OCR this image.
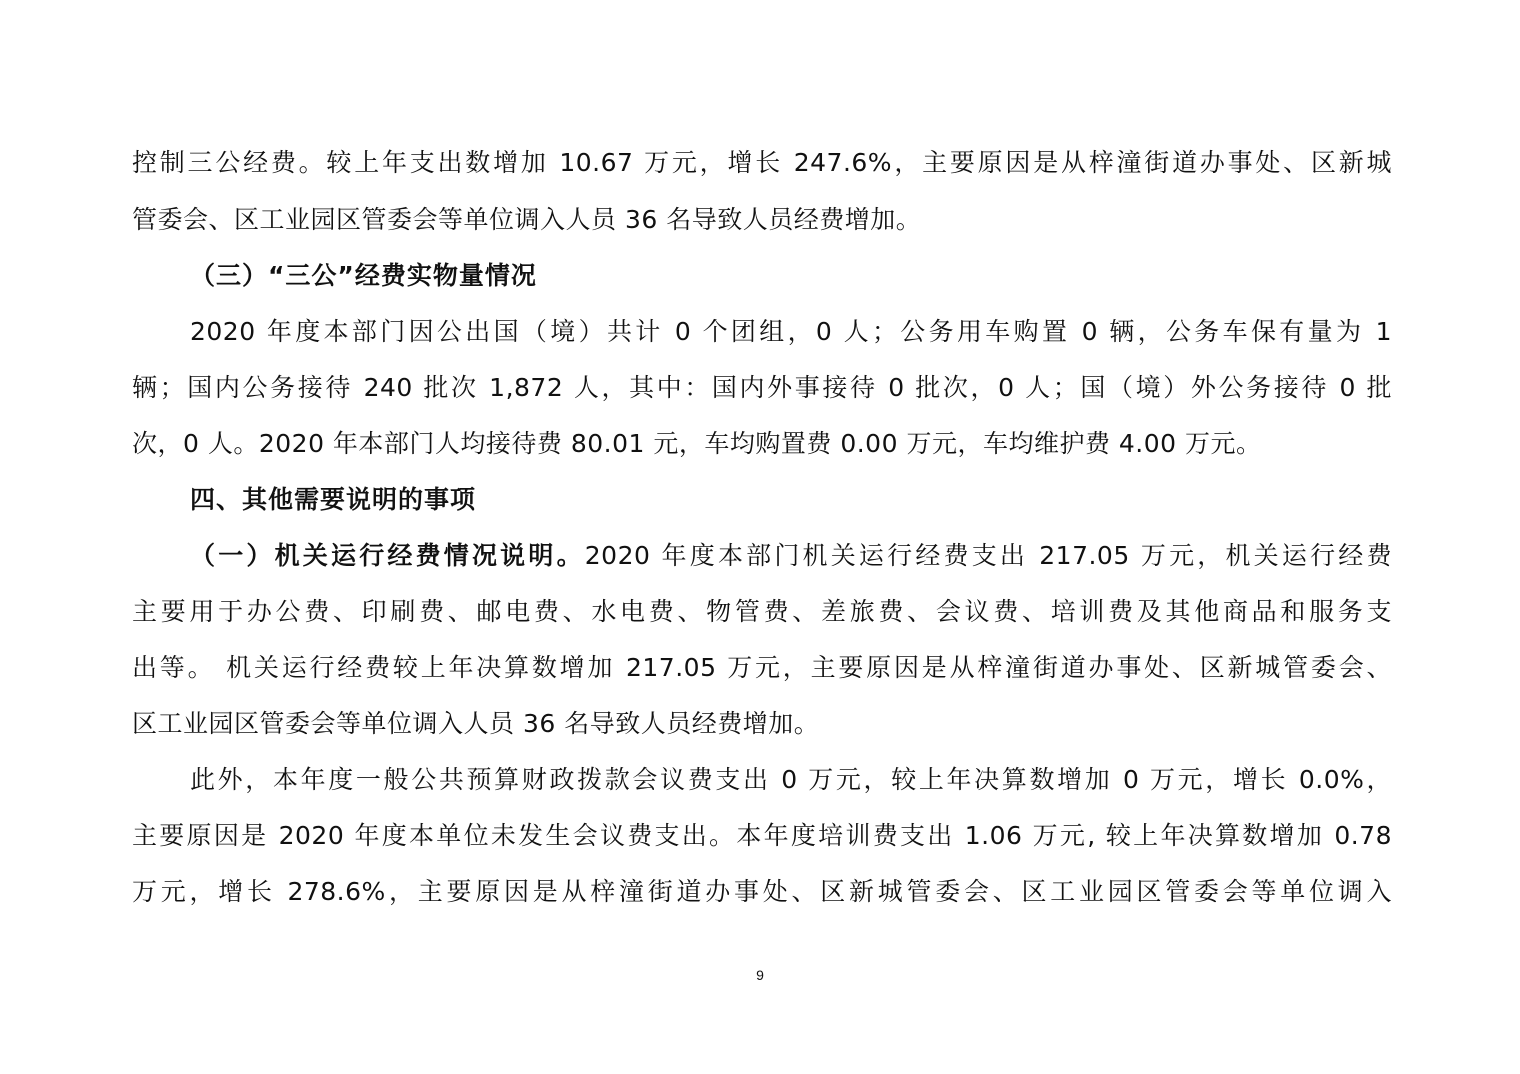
控制三公经费。较上年支出数增加 10.67 万元，增长 247.6%，主要原因是从梓潼街道办事处、区新城
管委会、区工业园区管委会等单位调入人员 36 名导致人员经费增加。
（三）“三公”经费实物量情况
2020 年度本部门因公出国（境）共计 0 个团组，0 人；公务用车购置 0 辆，公务车保有量为 1
辆；国内公务接待 240 批次 1,872 人，其中：国内外事接待 0 批次，0 人；国（境）外公务接待 0 批
次，0 人。2020 年本部门人均接待费 80.01 元，车均购置费 0.00 万元，车均维护费 4.00 万元。
四、其他需要说明的事项
（一）机关运行经费情况说明。2020 年度本部门机关运行经费支出 217.05 万元，机关运行经费
主要用于办公费、印刷费、邮电费、水电费、物管费、差旅费、会议费、培训费及其他商品和服务支
出等。 机关运行经费较上年决算数增加 217.05 万元，主要原因是从梓潼街道办事处、区新城管委会、
区工业园区管委会等单位调入人员 36 名导致人员经费增加。
此外，本年度一般公共预算财政拨款会议费支出 0 万元，较上年决算数增加 0 万元，增长 0.0%，
主要原因是 2020 年度本单位未发生会议费支出。本年度培训费支出 1.06 万元, 较上年决算数增加 0.78
万元，增长 278.6%，主要原因是从梓潼街道办事处、区新城管委会、区工业园区管委会等单位调入
9
